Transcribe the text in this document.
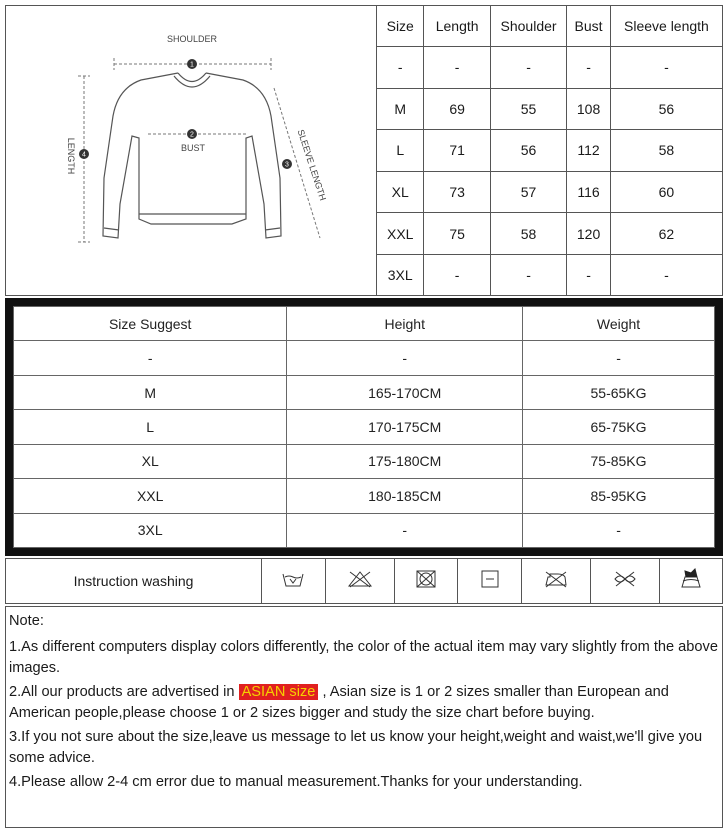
1
2
3
4
SHOULDER
BUST
LENGTH	SLEEVE LENGTH
Size	Length	Shoulder	Bust	Sleeve length
-	-	-	-	-
M	69	55	108	56
L	71	56	112	58
XL	73	57	116	60
XXL	75	58	120	62
3XL	-	-	-	-
Size Suggest	Height	Weight
-	-	-
M	165-170CM	55-65KG
L	170-175CM	65-75KG
XL	175-180CM	75-85KG
XXL	180-185CM	85-95KG
3XL	-	-
Instruction washing							

Note:

1.As different computers display colors differently, the color of the actual item may vary slightly from the above images.

2.All our products are advertised in ASIAN size , Asian size is 1 or 2 sizes smaller than European and

American people,please choose 1 or 2 sizes bigger and study the size chart before buying.

3.If you not sure about the size,leave us message to let us know your height,weight and waist,we'll give you some advice.

4.Please allow 2-4 cm error due to manual measurement.Thanks for your understanding.
